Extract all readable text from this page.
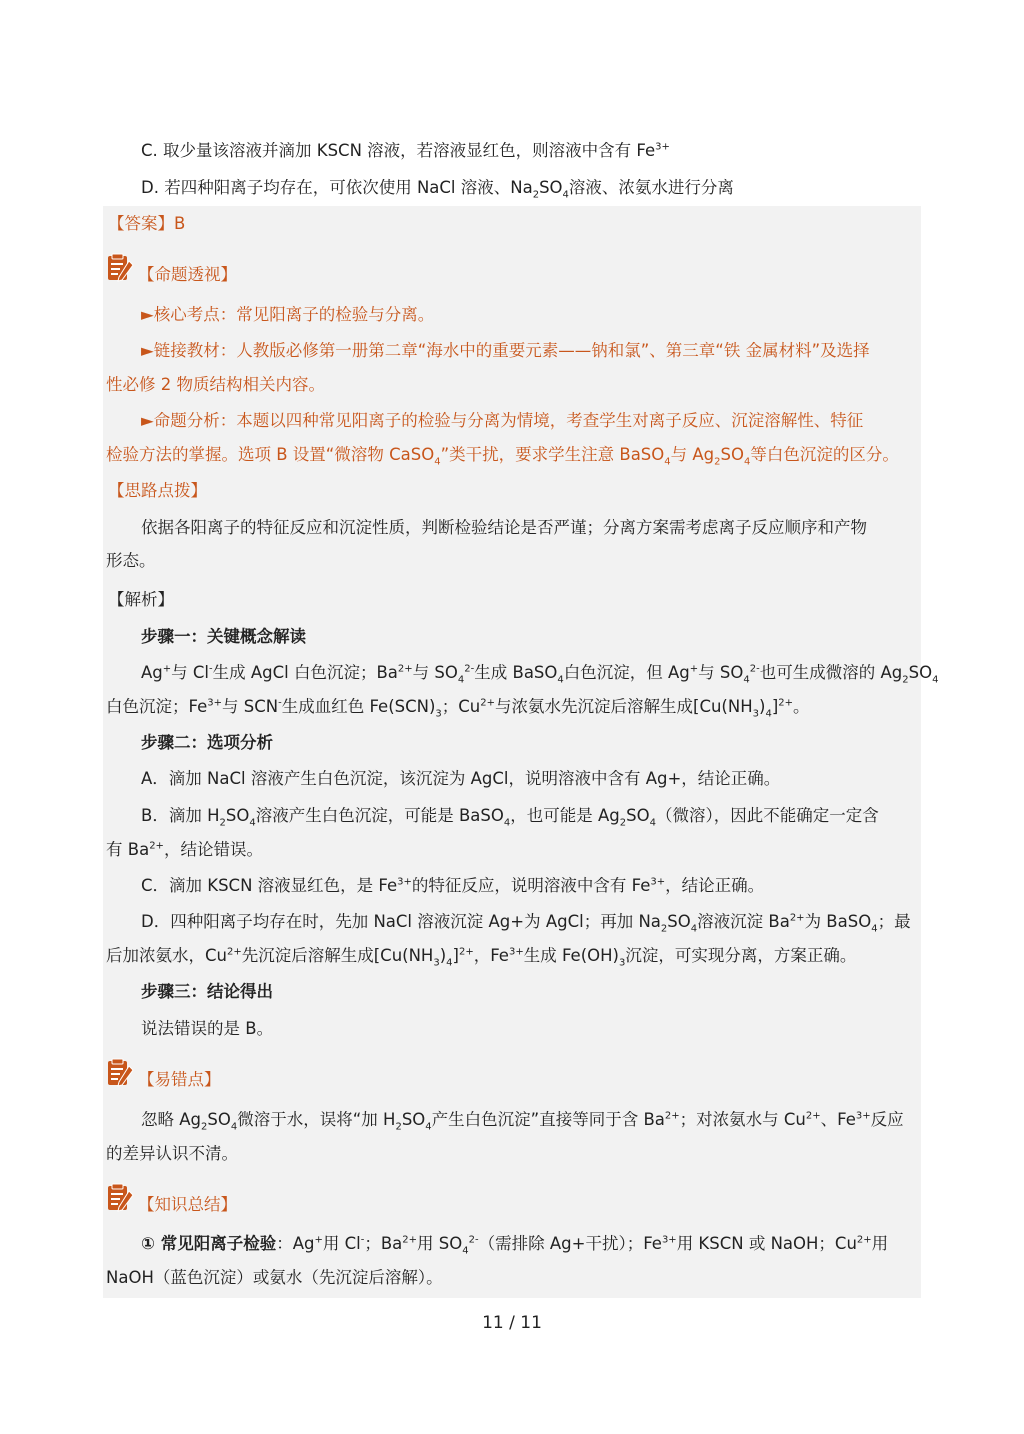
C. 取少量该溶液并滴加 KSCN 溶液，若溶液显红色，则溶液中含有 $Fe^{3+}$
D. 若四种阳离子均存在，可依次使用 NaCl 溶液、$Na_2SO_4$溶液、浓氨水进行分离
【答案】B
【命题透视】
►核心考点：常见阳离子的检验与分离。
►链接教材：人教版必修第一册第二章“海水中的重要元素——钠和氯”、第三章“铁 金属材料”及选择
性必修 2 物质结构相关内容。
►命题分析：本题以四种常见阳离子的检验与分离为情境，考查学生对离子反应、沉淀溶解性、特征
检验方法的掌握。选项 B 设置“微溶物 CaSO$_4$”类干扰，要求学生注意 BaSO$_4$与 $Ag_2SO_4$等白色沉淀的区分。
【思路点拨】
依据各阳离子的特征反应和沉淀性质，判断检验结论是否严谨；分离方案需考虑离子反应顺序和产物
形态。
【解析】
步骤一：关键概念解读
Ag+与 Cl-生成 AgCl 白色沉淀；$Ba^{2+}$与 $SO_4^{2-}$生成 BaSO$_4$白色沉淀，但 Ag+与 $SO_4^{2-}$也可生成微溶的 $Ag_2SO_4$
白色沉淀；$Fe^{3+}$与 SCN-生成血红色 $Fe(SCN)_3$；$Cu^{2+}$与浓氨水先沉淀后溶解生成$[Cu(NH_3)_4]^{2+}$。
步骤二：选项分析
A．滴加 NaCl 溶液产生白色沉淀，该沉淀为 AgCl，说明溶液中含有 Ag+，结论正确。
B．滴加 $H_2SO_4$溶液产生白色沉淀，可能是 BaSO$_4$，也可能是 $Ag_2SO_4$（微溶），因此不能确定一定含
有 $Ba^{2+}$，结论错误。
C．滴加 KSCN 溶液显红色，是 $Fe^{3+}$的特征反应，说明溶液中含有 $Fe^{3+}$，结论正确。
D．四种阳离子均存在时，先加 NaCl 溶液沉淀 Ag+为 AgCl；再加 $Na_2SO_4$溶液沉淀 $Ba^{2+}$为 BaSO$_4$；最
后加浓氨水，$Cu^{2+}$先沉淀后溶解生成$[Cu(NH_3)_4]^{2+}$，$Fe^{3+}$生成 $Fe(OH)_3$沉淀，可实现分离，方案正确。
步骤三：结论得出
说法错误的是 B。
【易错点】
忽略 $Ag_2SO_4$微溶于水，误将“加 $H_2SO_4$产生白色沉淀”直接等同于含 $Ba^{2+}$；对浓氨水与 $Cu^{2+}$、$Fe^{3+}$反应
的差异认识不清。
【知识总结】
① 常见阳离子检验：Ag+用 Cl-；$Ba^{2+}$用 $SO_4^{2-}$（需排除 Ag+干扰）；$Fe^{3+}$用 KSCN 或 NaOH；$Cu^{2+}$用
NaOH（蓝色沉淀）或氨水（先沉淀后溶解）。
11 / 11
